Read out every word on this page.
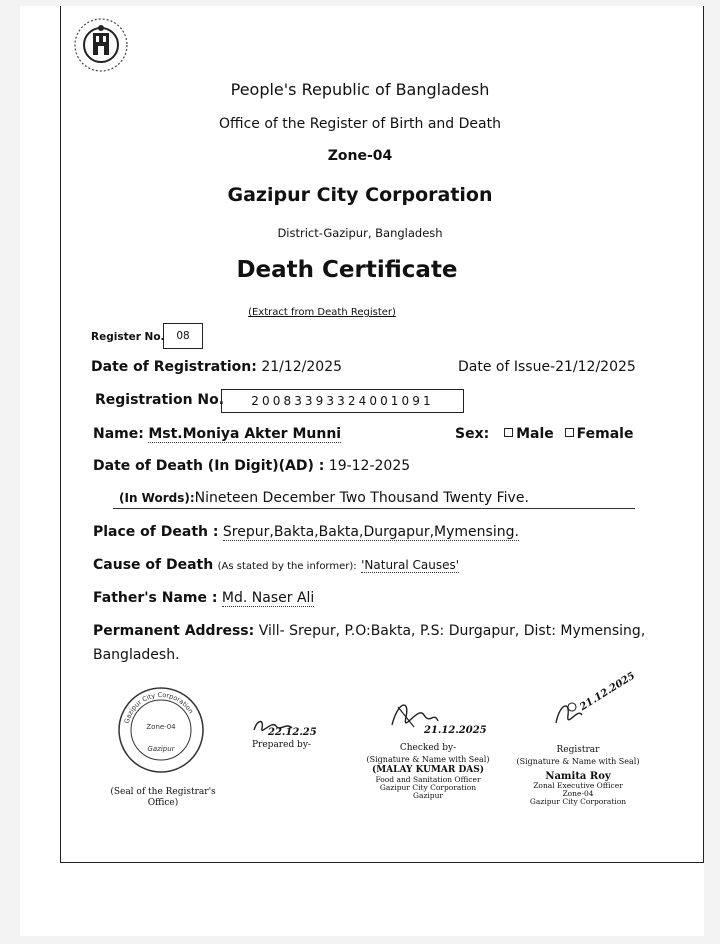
People's Republic of Bangladesh
Office of the Register of Birth and Death
Zone-04
Gazipur City Corporation
District-Gazipur, Bangladesh
Death Certificate
(Extract from Death Register)
Register No. 08
Date of Registration: 21/12/2025	Date of Issue-21/12/2025
Registration No. 20083393324001091
Name: Mst.Moniya Akter Munni	Sex: Male Female
Date of Death (In Digit)(AD) : 19-12-2025
(In Words):Nineteen December Two Thousand Twenty Five.
Place of Death : Srepur,Bakta,Bakta,Durgapur,Mymensing.
Cause of Death (As stated by the informer): 'Natural Causes'
Father's Name : Md. Naser Ali
Permanent Address: Vill- Srepur, P.O:Bakta, P.S: Durgapur, Dist: Mymensing,
Bangladesh.
Gazipur City Corporation
Zone-04
Gazipur
(Seal of the Registrar's
Office)
22.12.25
Prepared by-
21.12.2025
Checked by-
(Signature & Name with Seal)
(MALAY KUMAR DAS)
Food and Sanitation Officer
Gazipur City Corporation
Gazipur
21.12.2025
Registrar
(Signature & Name with Seal)
Namita Roy
Zonal Executive Officer
Zone-04
Gazipur City Corporation
